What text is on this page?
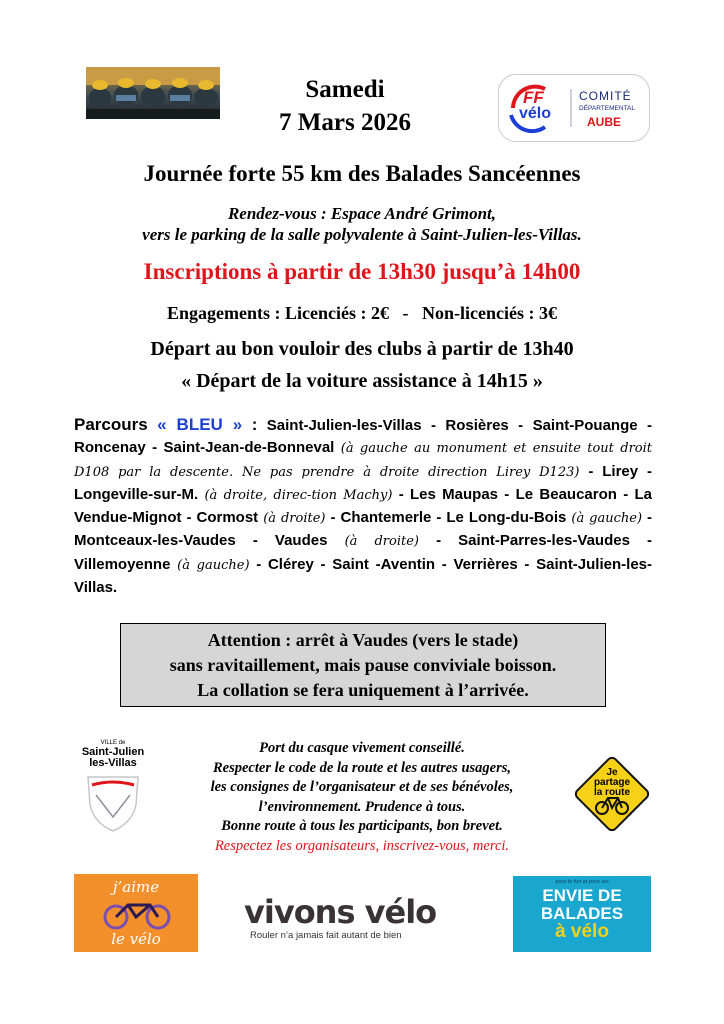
Samedi
7 Mars 2026
FF
vélo
COMITÉ
DÉPARTEMENTAL
AUBE
Journée forte 55 km des Balades Sancéennes
Rendez-vous : Espace André Grimont,
vers le parking de la salle polyvalente à Saint-Julien-les-Villas.
Inscriptions à partir de 13h30 jusqu’à 14h00
Engagements : Licenciés : 2€   -   Non-licenciés : 3€
Départ au bon vouloir des clubs à partir de 13h40
« Départ de la voiture assistance à 14h15 »
Parcours « BLEU » : Saint-Julien-les-Villas - Rosières - Saint-Pouange - Roncenay - Saint-Jean-de-Bonneval (à gauche au monument et ensuite tout droit D108 par la descente. Ne pas prendre à droite direction Lirey D123) - Lirey - Longeville-sur-M. (à droite, direc-tion Machy) - Les Maupas - Le Beaucaron - La Vendue-Mignot - Cormost (à droite) - Chantemerle - Le Long-du-Bois (à gauche) - Montceaux-les-Vaudes - Vaudes (à droite) - Saint-Parres-les-Vaudes - Villemoyenne (à gauche) - Clérey - Saint -Aventin - Verrières - Saint-Julien-les-Villas.
Attention : arrêt à Vaudes (vers le stade)
sans ravitaillement, mais pause conviviale boisson.
La collation se fera uniquement à l’arrivée.
VILLE de
Saint-Julien
les-Villas
Port du casque vivement conseillé.
Respecter le code de la route et les autres usagers,
les consignes de l’organisateur et de ses bénévoles,
l’environnement. Prudence à tous.
Bonne route à tous les participants, bon brevet.
Respectez les organisateurs, inscrivez-vous, merci.
Je
partage
la route
j’aime
le vélo
vivons vélo
Rouler n’a jamais fait autant de bien
pour le fun et pour soi
ENVIE DE
BALADES
à vélo
